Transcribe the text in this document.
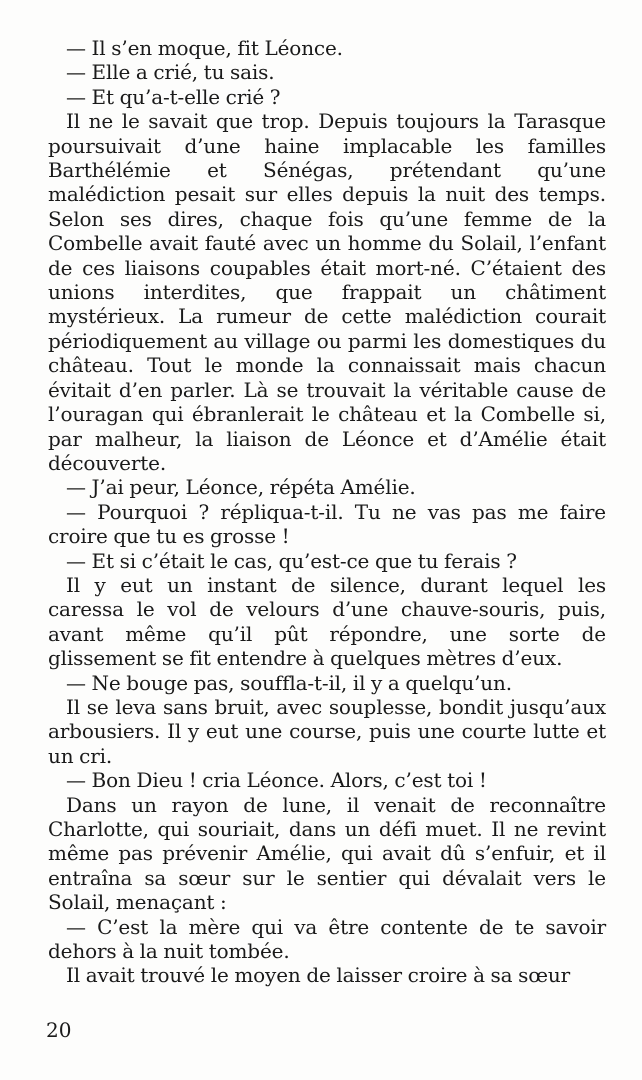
— Il s’en moque, fit Léonce.

— Elle a crié, tu sais.

— Et qu’a-t-elle crié ?

Il ne le savait que trop. Depuis toujours la Tarasque poursuivait d’une haine implacable les familles Barthélémie et Sénégas, prétendant qu’une malédiction pesait sur elles depuis la nuit des temps. Selon ses dires, chaque fois qu’une femme de la Combelle avait fauté avec un homme du Solail, l’enfant de ces liaisons coupables était mort-né. C’étaient des unions interdites, que frappait un châtiment mystérieux. La rumeur de cette malédiction courait périodiquement au village ou parmi les domestiques du château. Tout le monde la connaissait mais chacun évitait d’en parler. Là se trouvait la véritable cause de l’ouragan qui ébranlerait le château et la Combelle si, par malheur, la liaison de Léonce et d’Amélie était découverte.

— J’ai peur, Léonce, répéta Amélie.

— Pourquoi ? répliqua-t-il. Tu ne vas pas me faire croire que tu es grosse !

— Et si c’était le cas, qu’est-ce que tu ferais ?

Il y eut un instant de silence, durant lequel les caressa le vol de velours d’une chauve-souris, puis, avant même qu’il pût répondre, une sorte de glissement se fit entendre à quelques mètres d’eux.

— Ne bouge pas, souffla-t-il, il y a quelqu’un.

Il se leva sans bruit, avec souplesse, bondit jusqu’aux arbousiers. Il y eut une course, puis une courte lutte et un cri.

— Bon Dieu ! cria Léonce. Alors, c’est toi !

Dans un rayon de lune, il venait de reconnaître Charlotte, qui souriait, dans un défi muet. Il ne revint même pas prévenir Amélie, qui avait dû s’enfuir, et il entraîna sa sœur sur le sentier qui dévalait vers le Solail, menaçant :

— C’est la mère qui va être contente de te savoir dehors à la nuit tombée.

Il avait trouvé le moyen de laisser croire à sa sœur

20
